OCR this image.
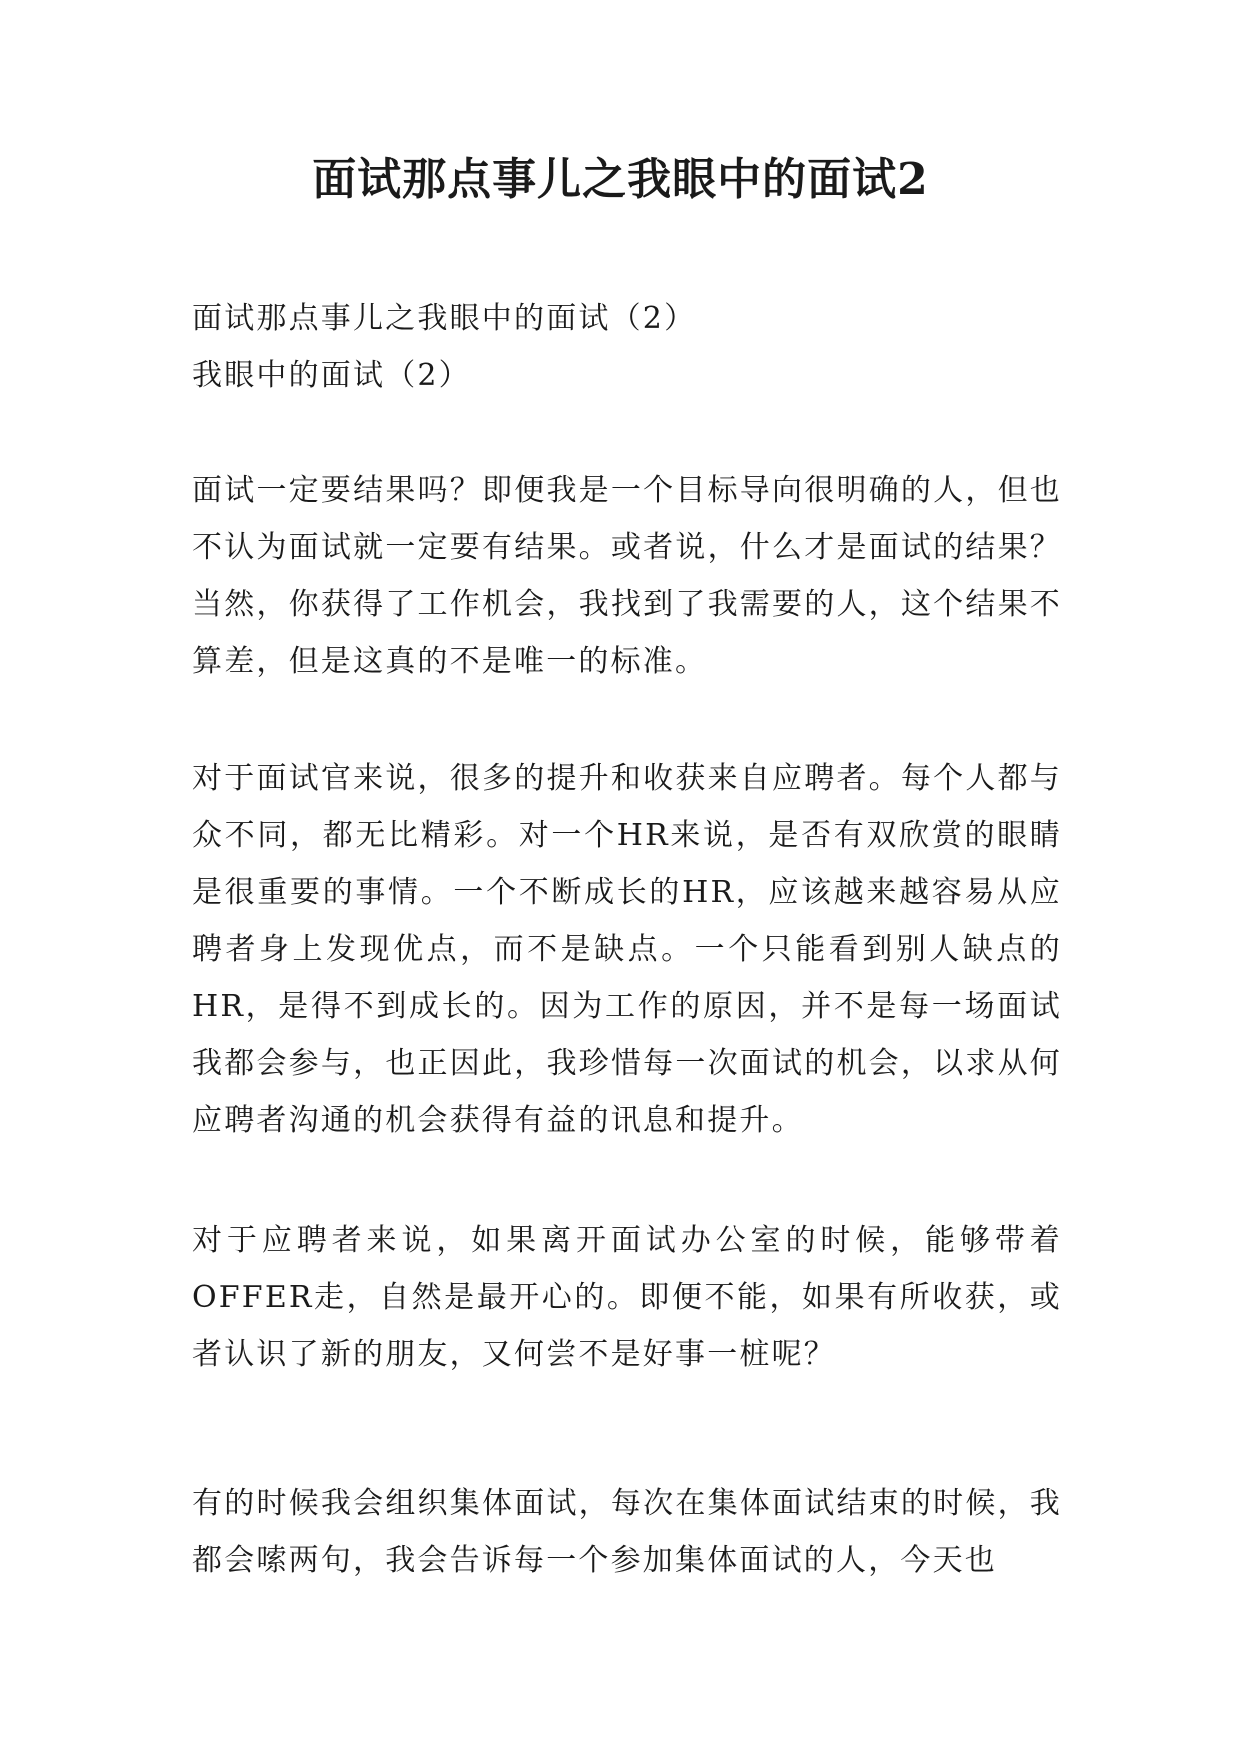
面试那点事儿之我眼中的面试2

面试那点事儿之我眼中的面试（2）

我眼中的面试（2）

面试一定要结果吗？即便我是一个目标导向很明确的人，但也不认为面试就一定要有结果。或者说，什么才是面试的结果？当然，你获得了工作机会，我找到了我需要的人，这个结果不算差，但是这真的不是唯一的标准。

对于面试官来说，很多的提升和收获来自应聘者。每个人都与众不同，都无比精彩。对一个HR来说，是否有双欣赏的眼睛是很重要的事情。一个不断成长的HR，应该越来越容易从应聘者身上发现优点，而不是缺点。一个只能看到别人缺点的HR，是得不到成长的。因为工作的原因，并不是每一场面试我都会参与，也正因此，我珍惜每一次面试的机会，以求从何应聘者沟通的机会获得有益的讯息和提升。

对于应聘者来说，如果离开面试办公室的时候，能够带着OFFER走，自然是最开心的。即便不能，如果有所收获，或者认识了新的朋友，又何尝不是好事一桩呢？

有的时候我会组织集体面试，每次在集体面试结束的时候，我都会嗦两句，我会告诉每一个参加集体面试的人，今天也
